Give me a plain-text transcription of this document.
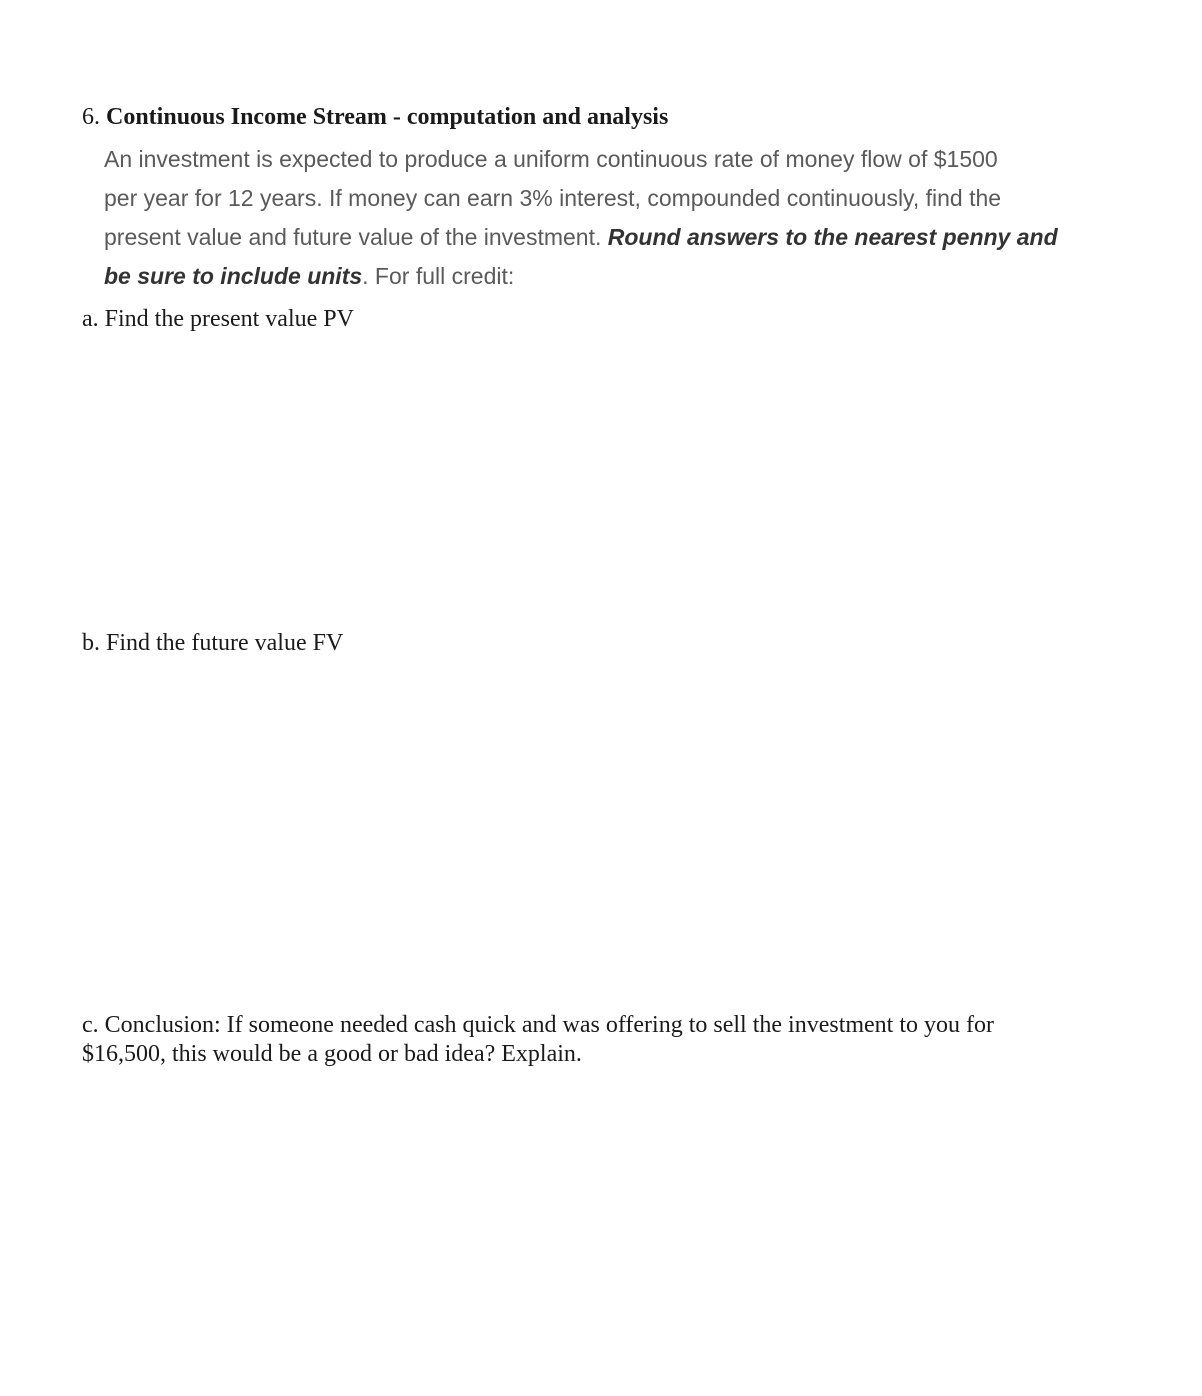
6. Continuous Income Stream - computation and analysis
An investment is expected to produce a uniform continuous rate of money flow of $1500
per year for 12 years. If money can earn 3% interest, compounded continuously, find the
present value and future value of the investment. Round answers to the nearest penny and
be sure to include units. For full credit:
a. Find the present value PV
b. Find the future value FV
c. Conclusion: If someone needed cash quick and was offering to sell the investment to you for
$16,500, this would be a good or bad idea? Explain.
